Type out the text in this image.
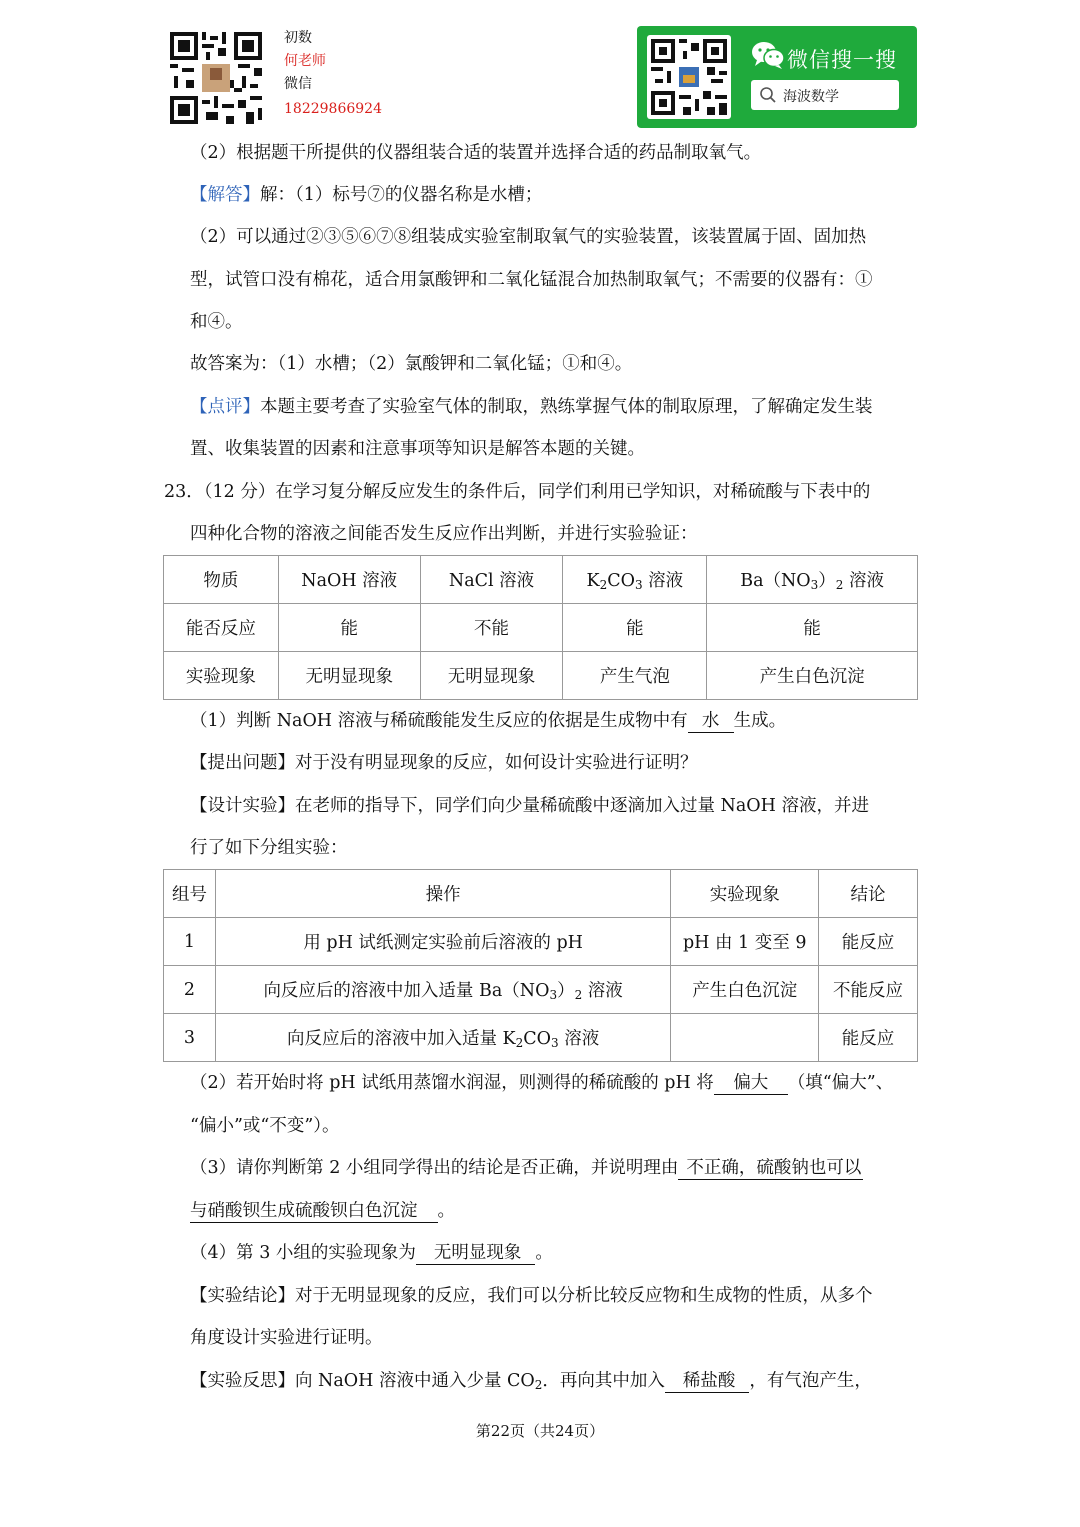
初数
何老师
微信
18229866924
微信搜一搜
海波数学
（2）根据题干所提供的仪器组装合适的装置并选择合适的药品制取氧气。
【解答】解：（1）标号⑦的仪器名称是水槽；
（2）可以通过②③⑤⑥⑦⑧组装成实验室制取氧气的实验装置，该装置属于固、固加热
型，试管口没有棉花，适合用氯酸钾和二氧化锰混合加热制取氧气；不需要的仪器有：①
和④。
故答案为：（1）水槽；（2）氯酸钾和二氧化锰；①和④。
【点评】本题主要考查了实验室气体的制取，熟练掌握气体的制取原理，了解确定发生装
置、收集装置的因素和注意事项等知识是解答本题的关键。
23．（12 分）在学习复分解反应发生的条件后，同学们利用已学知识，对稀硫酸与下表中的
四种化合物的溶液之间能否发生反应作出判断，并进行实验验证：
物质	NaOH 溶液	NaCl 溶液	$K_2CO_3$ 溶液	$Ba(NO_3)_2$ 溶液
能否反应	能	不能	能	能
实验现象	无明显现象	无明显现象	产生气泡	产生白色沉淀
（1）判断 NaOH 溶液与稀硫酸能发生反应的依据是生成物中有 水 生成。
【提出问题】对于没有明显现象的反应，如何设计实验进行证明？
【设计实验】在老师的指导下，同学们向少量稀硫酸中逐滴加入过量 NaOH 溶液，并进
行了如下分组实验：
组号	操作	实验现象	结论
1	用 pH 试纸测定实验前后溶液的 pH	pH 由 1 变至 9	能反应
2	向反应后的溶液中加入适量 $Ba(NO_3)_2$ 溶液	产生白色沉淀	不能反应
3	向反应后的溶液中加入适量 $K_2CO_3$ 溶液		能反应
（2）若开始时将 pH 试纸用蒸馏水润湿，则测得的稀硫酸的 pH 将 偏大 （填“偏大”、
“偏小”或“不变”）。
（3）请你判断第 2 小组同学得出的结论是否正确，并说明理由 不正确，硫酸钠也可以
与硝酸钡生成硫酸钡白色沉淀 。
（4）第 3 小组的实验现象为 无明显现象 。
【实验结论】对于无明显现象的反应，我们可以分析比较反应物和生成物的性质，从多个
角度设计实验进行证明。
【实验反思】向 NaOH 溶液中通入少量 $CO_2$．再向其中加入 稀盐酸 ，有气泡产生，
第22页（共24页）
